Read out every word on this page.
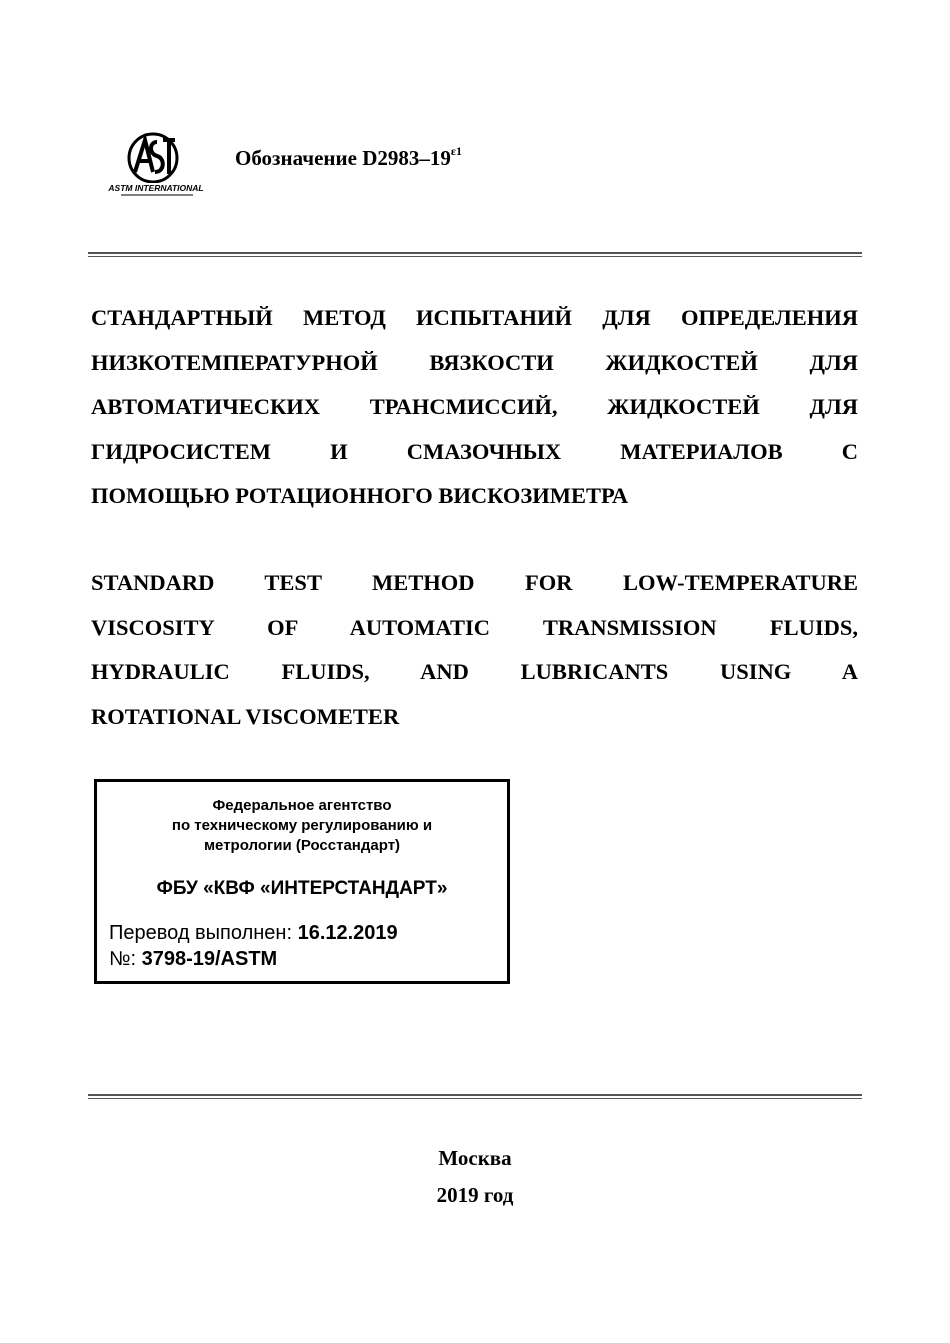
ASTM INTERNATIONAL
Обозначение $D2983-19^{\varepsilon 1}$
СТАНДАРТНЫЙ МЕТОД ИСПЫТАНИЙ ДЛЯ ОПРЕДЕЛЕНИЯ
НИЗКОТЕМПЕРАТУРНОЙ ВЯЗКОСТИ ЖИДКОСТЕЙ ДЛЯ
АВТОМАТИЧЕСКИХ ТРАНСМИССИЙ, ЖИДКОСТЕЙ ДЛЯ
ГИДРОСИСТЕМ И СМАЗОЧНЫХ МАТЕРИАЛОВ С
ПОМОЩЬЮ РОТАЦИОННОГО ВИСКОЗИМЕТРА
STANDARD TEST METHOD FOR LOW-TEMPERATURE
VISCOSITY OF AUTOMATIC TRANSMISSION FLUIDS,
HYDRAULIC FLUIDS, AND LUBRICANTS USING A
ROTATIONAL VISCOMETER
Федеральное агентство
по техническому регулированию и
метрологии (Росстандарт)
ФБУ «КВФ «ИНТЕРСТАНДАРТ»
Перевод выполнен: 16.12.2019
№: 3798-19/ASTM
Москва
2019 год
